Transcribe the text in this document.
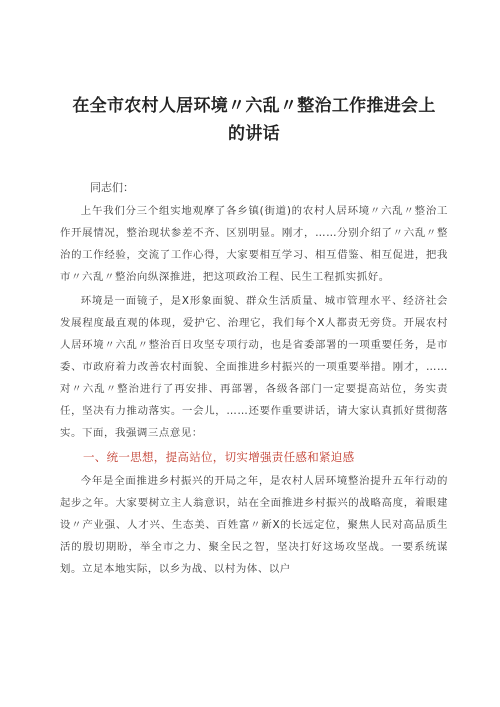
在全市农村人居环境〃六乱〃整治工作推进会上
的讲话

同志们：

上午我们分三个组实地观摩了各乡镇(街道)的农村人居环境〃六乱〃整治工作开展情况，整治现状参差不齐、区别明显。刚才，……分别介绍了〃六乱〃整治的工作经验，交流了工作心得，大家要相互学习、相互借鉴、相互促进，把我市〃六乱〃整治向纵深推进，把这项政治工程、民生工程抓实抓好。

环境是一面镜子，是X形象面貌、群众生活质量、城市管理水平、经济社会发展程度最直观的体现，爱护它、治理它，我们每个X人都责无旁贷。开展农村人居环境〃六乱〃整治百日攻坚专项行动，也是省委部署的一项重要任务，是市委、市政府着力改善农村面貌、全面推进乡村振兴的一项重要举措。刚才，……对〃六乱〃整治进行了再安排、再部署，各级各部门一定要提高站位，务实责任，坚决有力推动落实。一会儿，……还要作重要讲话，请大家认真抓好贯彻落实。下面，我强调三点意见：

一、统一思想，提高站位，切实增强责任感和紧迫感

今年是全面推进乡村振兴的开局之年，是农村人居环境整治提升五年行动的起步之年。大家要树立主人翁意识，站在全面推进乡村振兴的战略高度，着眼建设〃产业强、人才兴、生态美、百姓富〃新X的长远定位，聚焦人民对高品质生活的殷切期盼，举全市之力、聚全民之智，坚决打好这场攻坚战。一要系统谋划。立足本地实际，以乡为战、以村为体、以户
